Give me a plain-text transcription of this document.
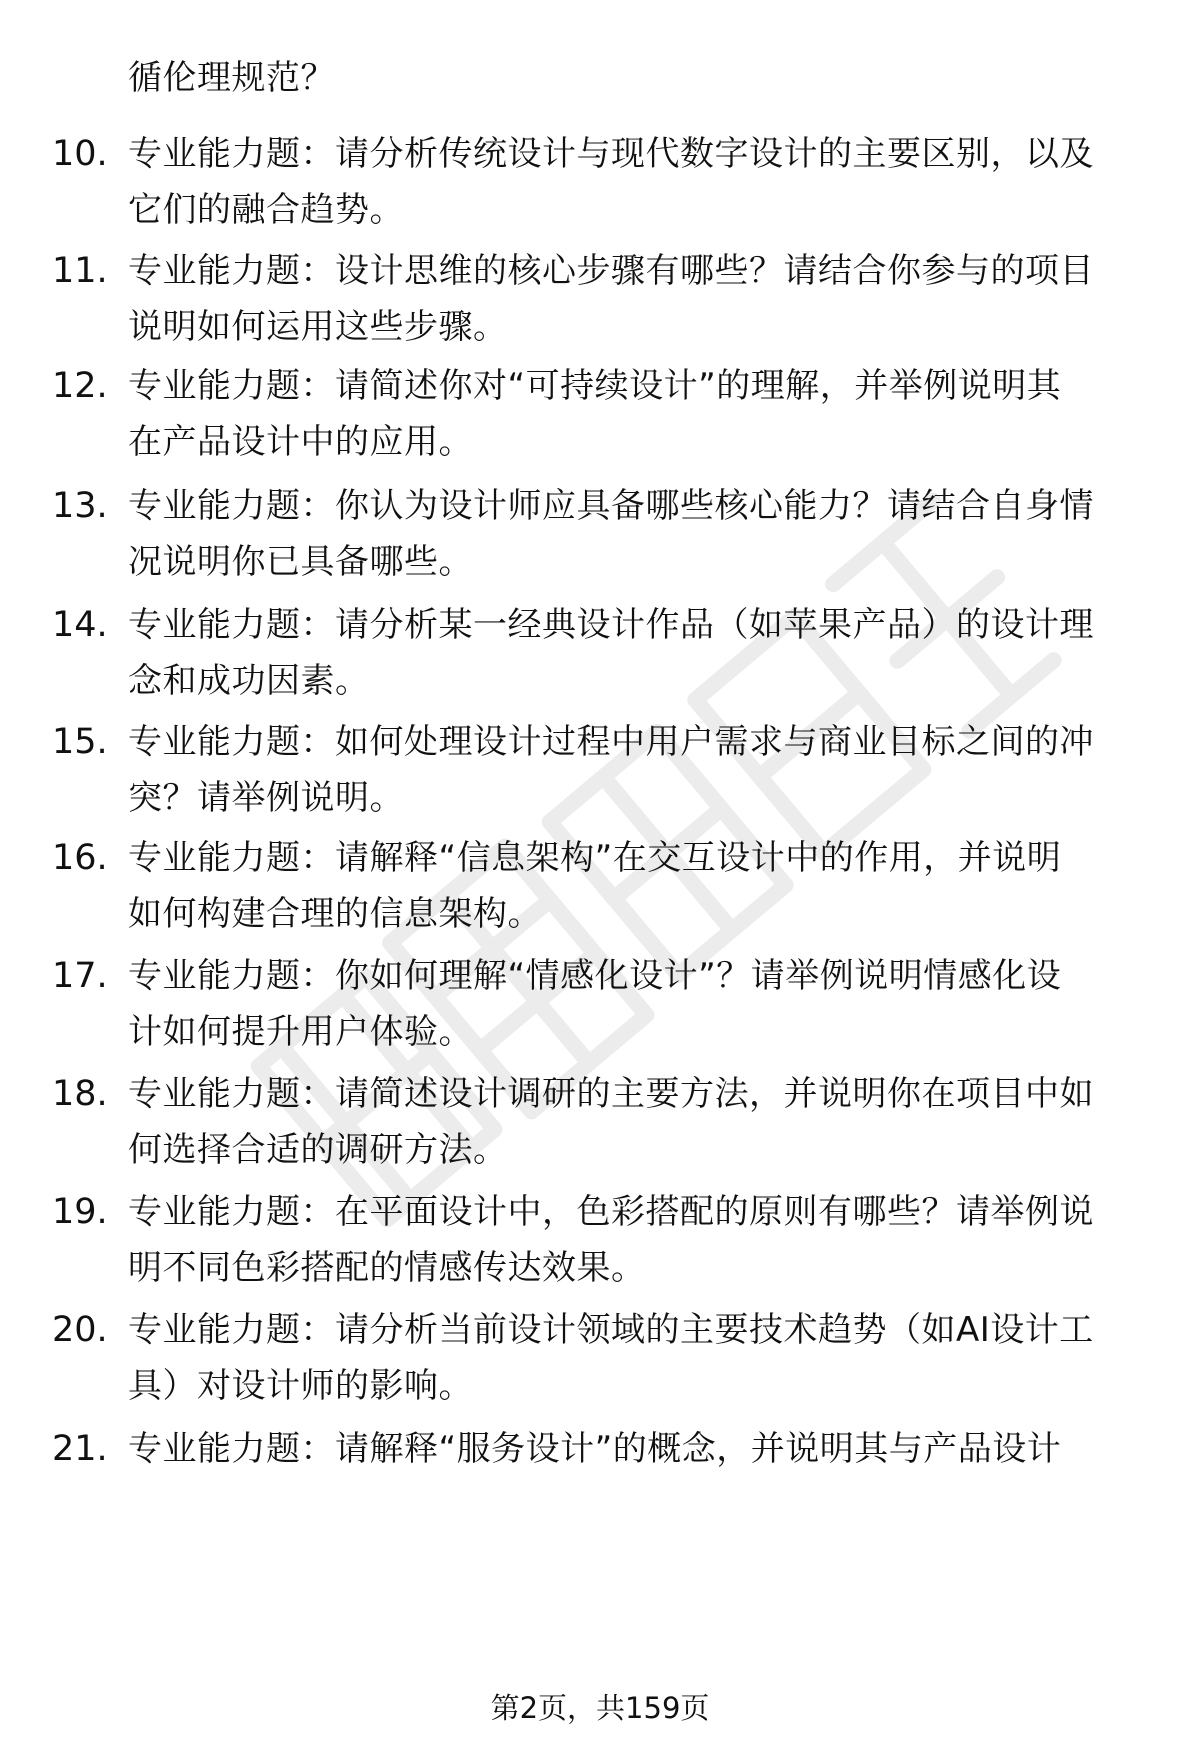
循伦理规范？
10. 专业能力题：请分析传统设计与现代数字设计的主要区别，以及
它们的融合趋势。
11. 专业能力题：设计思维的核心步骤有哪些？请结合你参与的项目
说明如何运用这些步骤。
12. 专业能力题：请简述你对“可持续设计”的理解，并举例说明其
在产品设计中的应用。
13. 专业能力题：你认为设计师应具备哪些核心能力？请结合自身情
况说明你已具备哪些。
14. 专业能力题：请分析某一经典设计作品（如苹果产品）的设计理
念和成功因素。
15. 专业能力题：如何处理设计过程中用户需求与商业目标之间的冲
突？请举例说明。
16. 专业能力题：请解释“信息架构”在交互设计中的作用，并说明
如何构建合理的信息架构。
17. 专业能力题：你如何理解“情感化设计”？请举例说明情感化设
计如何提升用户体验。
18. 专业能力题：请简述设计调研的主要方法，并说明你在项目中如
何选择合适的调研方法。
19. 专业能力题：在平面设计中，色彩搭配的原则有哪些？请举例说
明不同色彩搭配的情感传达效果。
20. 专业能力题：请分析当前设计领域的主要技术趋势（如AI设计工
具）对设计师的影响。
21. 专业能力题：请解释“服务设计”的概念，并说明其与产品设计
第2页，共159页
